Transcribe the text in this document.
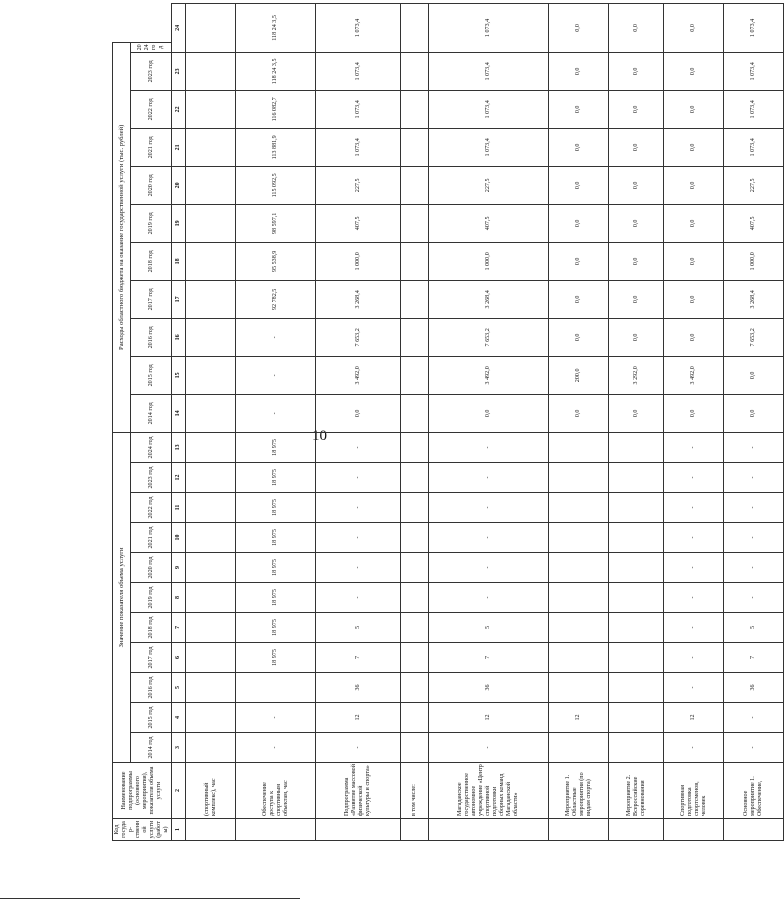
10
Код государ-ственной услуги (работы)	Наименование подпрограммы (основного мероприятия), показателя объема услуги	Значение показателя объема услуги											Расходы областного бюджета на оказание государственной услуги (тыс. рублей)										
		2014 год	2015 год	2016 год	2017 год	2018 год	2019 год	2020 год	2021 год	2022 год	2023 год	2024 год	2014 год	2015 год	2016 год	2017 год	2018 год	2019 год	2020 год	2021 год	2022 год	2023 год	2024 год
1	2	3	4	5	6	7	8	9	10	11	12	13	14	15	16	17	18	19	20	21	22	23	24
	(спортивный комплекс), час																						
	Обеспечение доступа к спортивным объектам, час	-	-		18 975	18 975	18 975	18 975	18 975	18 975	18 975	18 975	-	-	-	92 782,5	95 538,9	98 597,1	115 092,5	113 881,9	116 082,7	118 24 3,5	118 24 3,5
	Подпрограмма «Развитие массовой физической культуры и спорта»	-	12	36	7	5	-	-	-	-	-	-	0,0	3 492,0	7 653,2	3 268,4	1 000,0	407,5	227,5	1 073,4	1 073,4	1 073,4	1 073,4
	в том числе:																						
	Магаданское государственное автономное учреждение «Центр спортивной подготовки сборных команд Магаданской области»	-	12	36	7	5	-	-	-	-	-	-	0,0	3 492,0	7 653,2	3 268,4	1 000,0	407,5	227,5	1 073,4	1 073,4	1 073,4	1 073,4
	Мероприятие 1. Областные мероприятия (по видам спорта)		12										0,0	200,0	0,0	0,0	0,0	0,0	0,0	0,0	0,0	0,0	0,0
	Мероприятие 2. Всероссийские соревнования												0,0	3 292,0	0,0	0,0	0,0	0,0	0,0	0,0	0,0	0,0	0,0
	Спортивная подготовка спортсменов, человек	-	12	-	-	-	-	-	-	-	-	-	0,0	3 492,0	0,0	0,0	0,0	0,0	0,0	0,0	0,0	0,0	0,0
	Основное мероприятие 1. Обеспечение,	-	-	36	7	5	-	-	-	-	-	-	0,0	0,0	7 653,2	3 268,4	1 000,0	407,5	227,5	1 073,4	1 073,4	1 073,4	1 073,4
